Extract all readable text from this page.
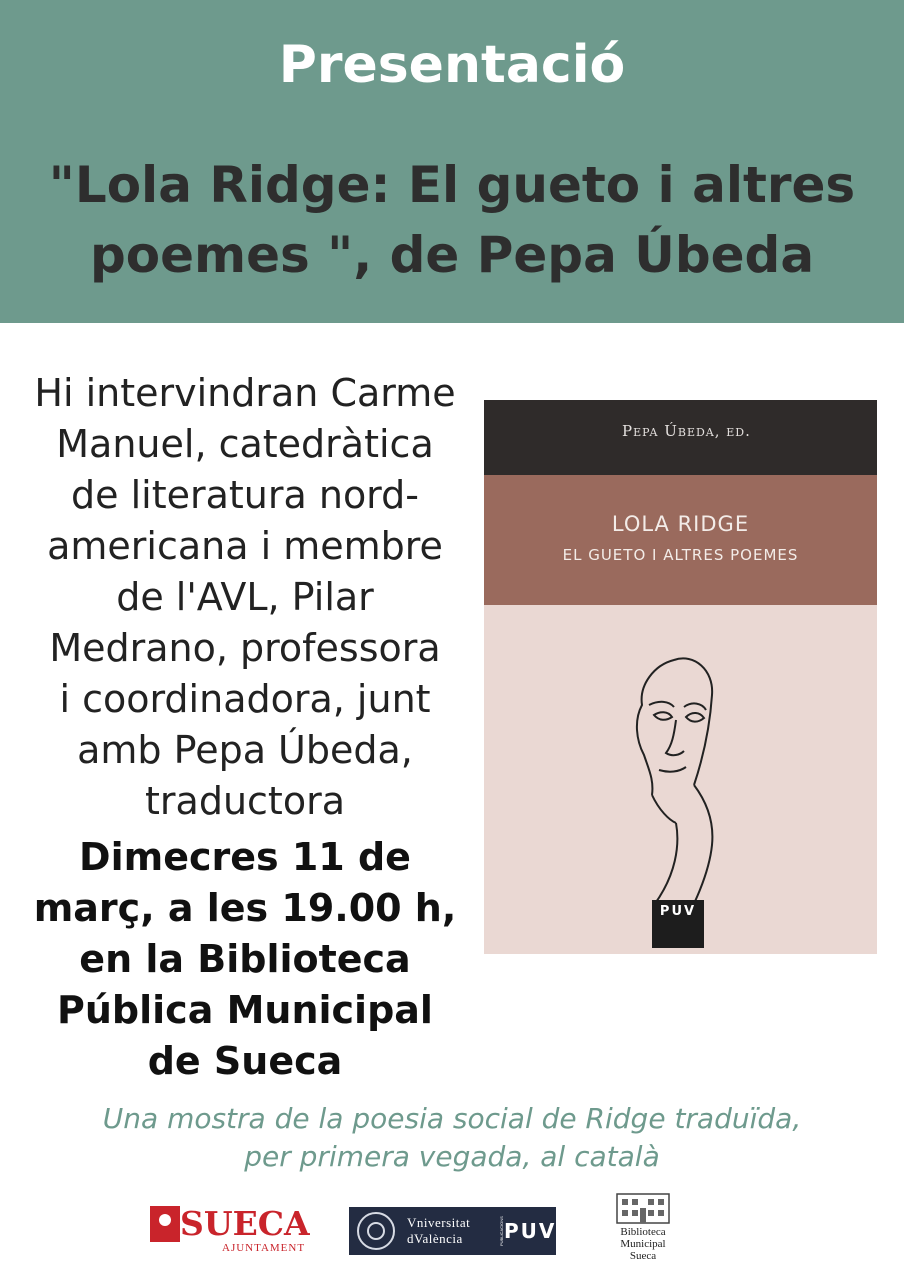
Presentació
"Lola Ridge: El gueto i altres
poemes ", de Pepa Úbeda
Hi intervindran Carme
Manuel, catedràtica
de literatura nord-
americana i membre
de l'AVL, Pilar
Medrano, professora
i coordinadora, junt
amb Pepa Úbeda,
traductora
Dimecres 11 de
març, a les 19.00 h,
en la Biblioteca
Pública Municipal
de Sueca
Pepa Úbeda, ed.
LOLA RIDGE
EL GUETO I ALTRES POEMES
PUV
Una mostra de la poesia social de Ridge traduïda,
per primera vegada, al català
SUECA
AJUNTAMENT
Vniversitat
dValència	PUBLICACIONS PUV	Biblioteca
Municipal
Sueca
